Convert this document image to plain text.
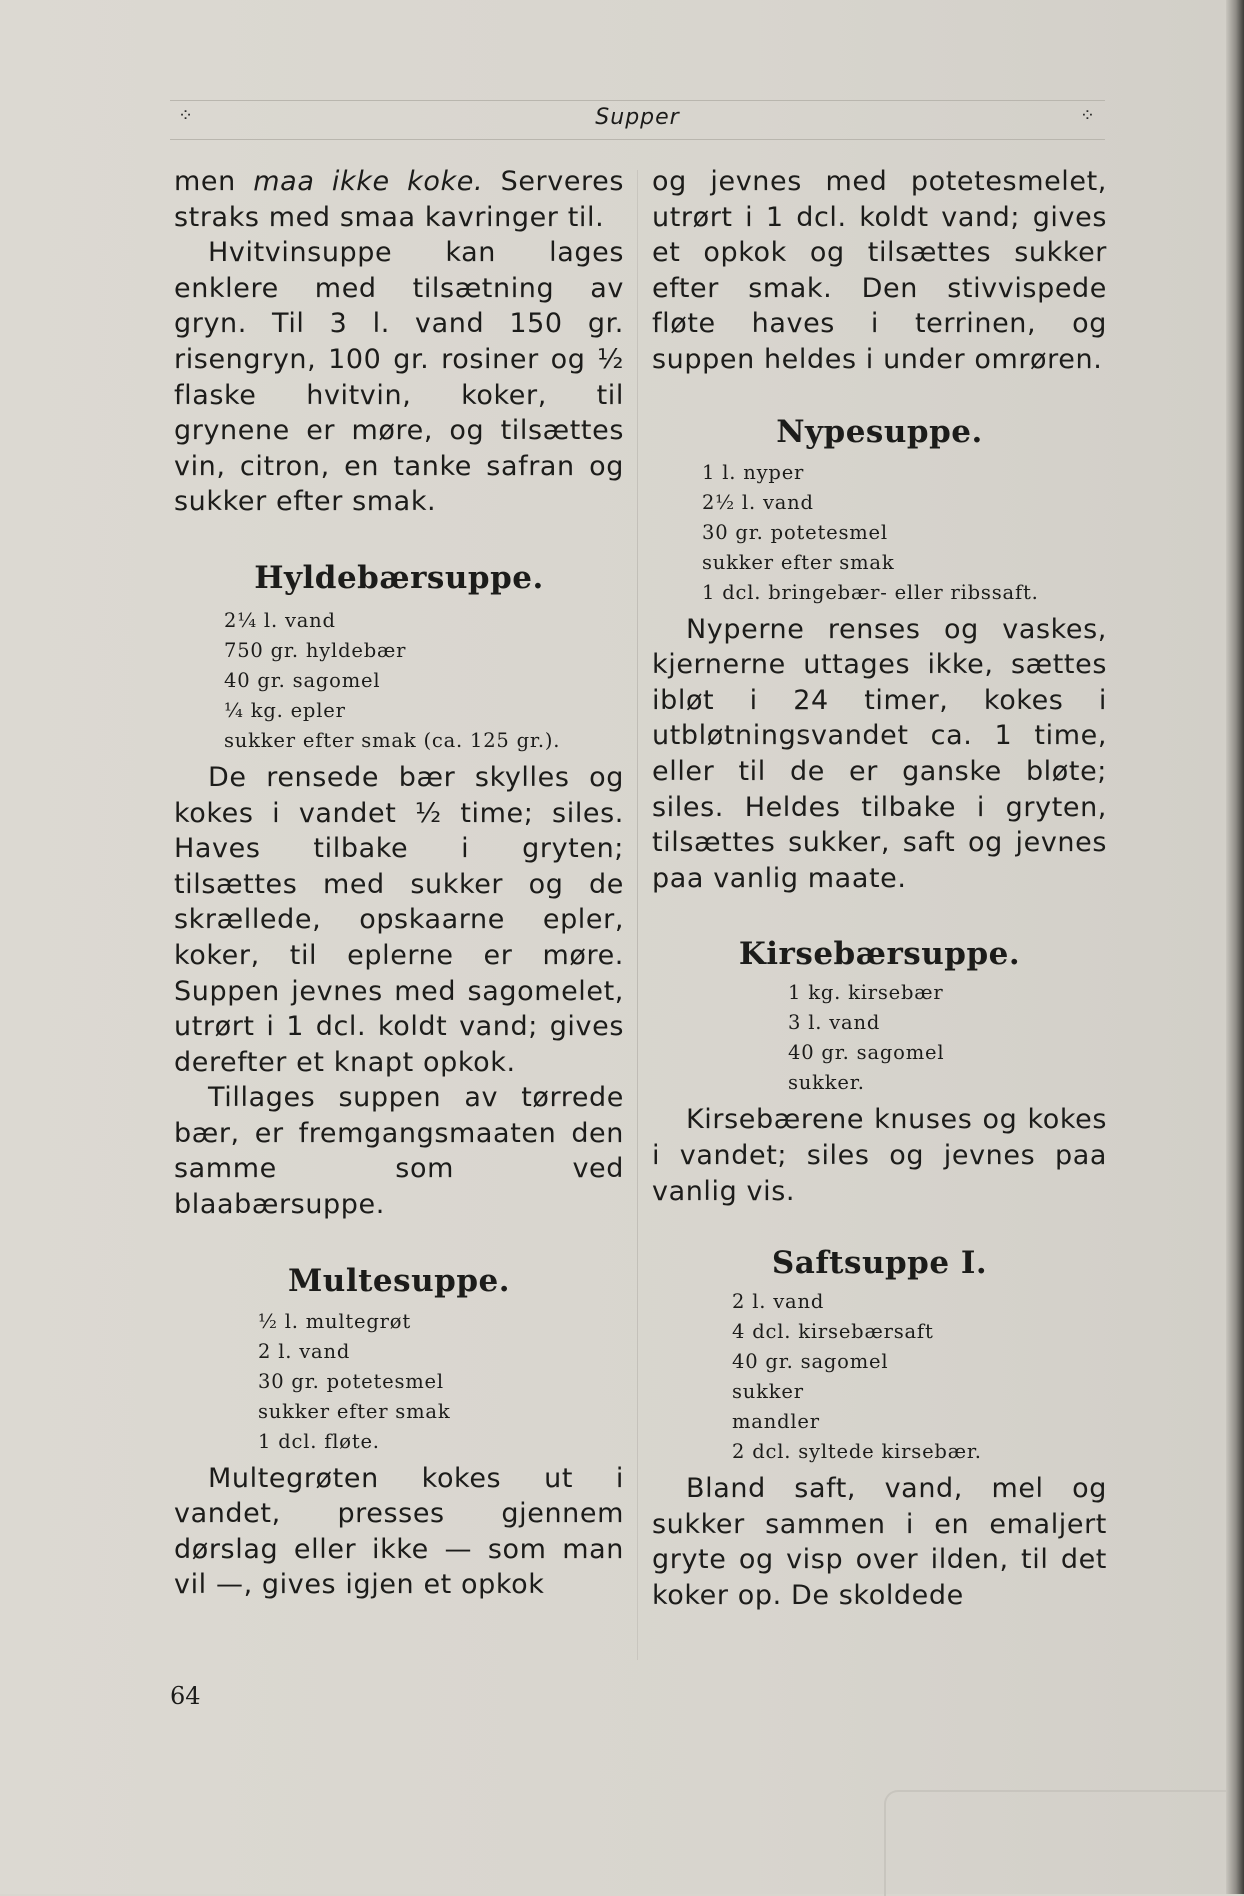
⁘	Supper	⁘

men maa ikke koke. Serveres straks med smaa kavringer til.

Hvitvinsuppe kan lages enklere med tilsætning av gryn. Til 3 l. vand 150 gr. risengryn, 100 gr. rosiner og ½ flaske hvitvin, koker, til grynene er møre, og tilsættes vin, citron, en tanke safran og sukker efter smak.

Hyldebærsuppe.
2¼ l. vand
750 gr. hyldebær
40 gr. sagomel
¼ kg. epler
sukker efter smak (ca. 125 gr.).

De rensede bær skylles og kokes i vandet ½ time; siles. Haves tilbake i gryten; tilsættes med sukker og de skrællede, opskaarne epler, koker, til eplerne er møre. Suppen jevnes med sagomelet, utrørt i 1 dcl. koldt vand; gives derefter et knapt opkok.

Tillages suppen av tørrede bær, er fremgangsmaaten den samme som ved blaabærsuppe.

Multesuppe.
½ l. multegrøt
2 l. vand
30 gr. potetesmel
sukker efter smak
1 dcl. fløte.

Multegrøten kokes ut i vandet, presses gjennem dørslag eller ikke — som man vil —, gives igjen et opkok

og jevnes med potetesmelet, utrørt i 1 dcl. koldt vand; gives et opkok og tilsættes sukker efter smak. Den stivvispede fløte haves i terrinen, og suppen heldes i under omrøren.

Nypesuppe.
1 l. nyper
2½ l. vand
30 gr. potetesmel
sukker efter smak
1 dcl. bringebær- eller ribssaft.

Nyperne renses og vaskes, kjernerne uttages ikke, sættes ibløt i 24 timer, kokes i utbløtningsvandet ca. 1 time, eller til de er ganske bløte; siles. Heldes tilbake i gryten, tilsættes sukker, saft og jevnes paa vanlig maate.

Kirsebærsuppe.
1 kg. kirsebær
3 l. vand
40 gr. sagomel
sukker.

Kirsebærene knuses og kokes i vandet; siles og jevnes paa vanlig vis.

Saftsuppe I.
2 l. vand
4 dcl. kirsebærsaft
40 gr. sagomel
sukker
mandler
2 dcl. syltede kirsebær.

Bland saft, vand, mel og sukker sammen i en emaljert gryte og visp over ilden, til det koker op. De skoldede

64
